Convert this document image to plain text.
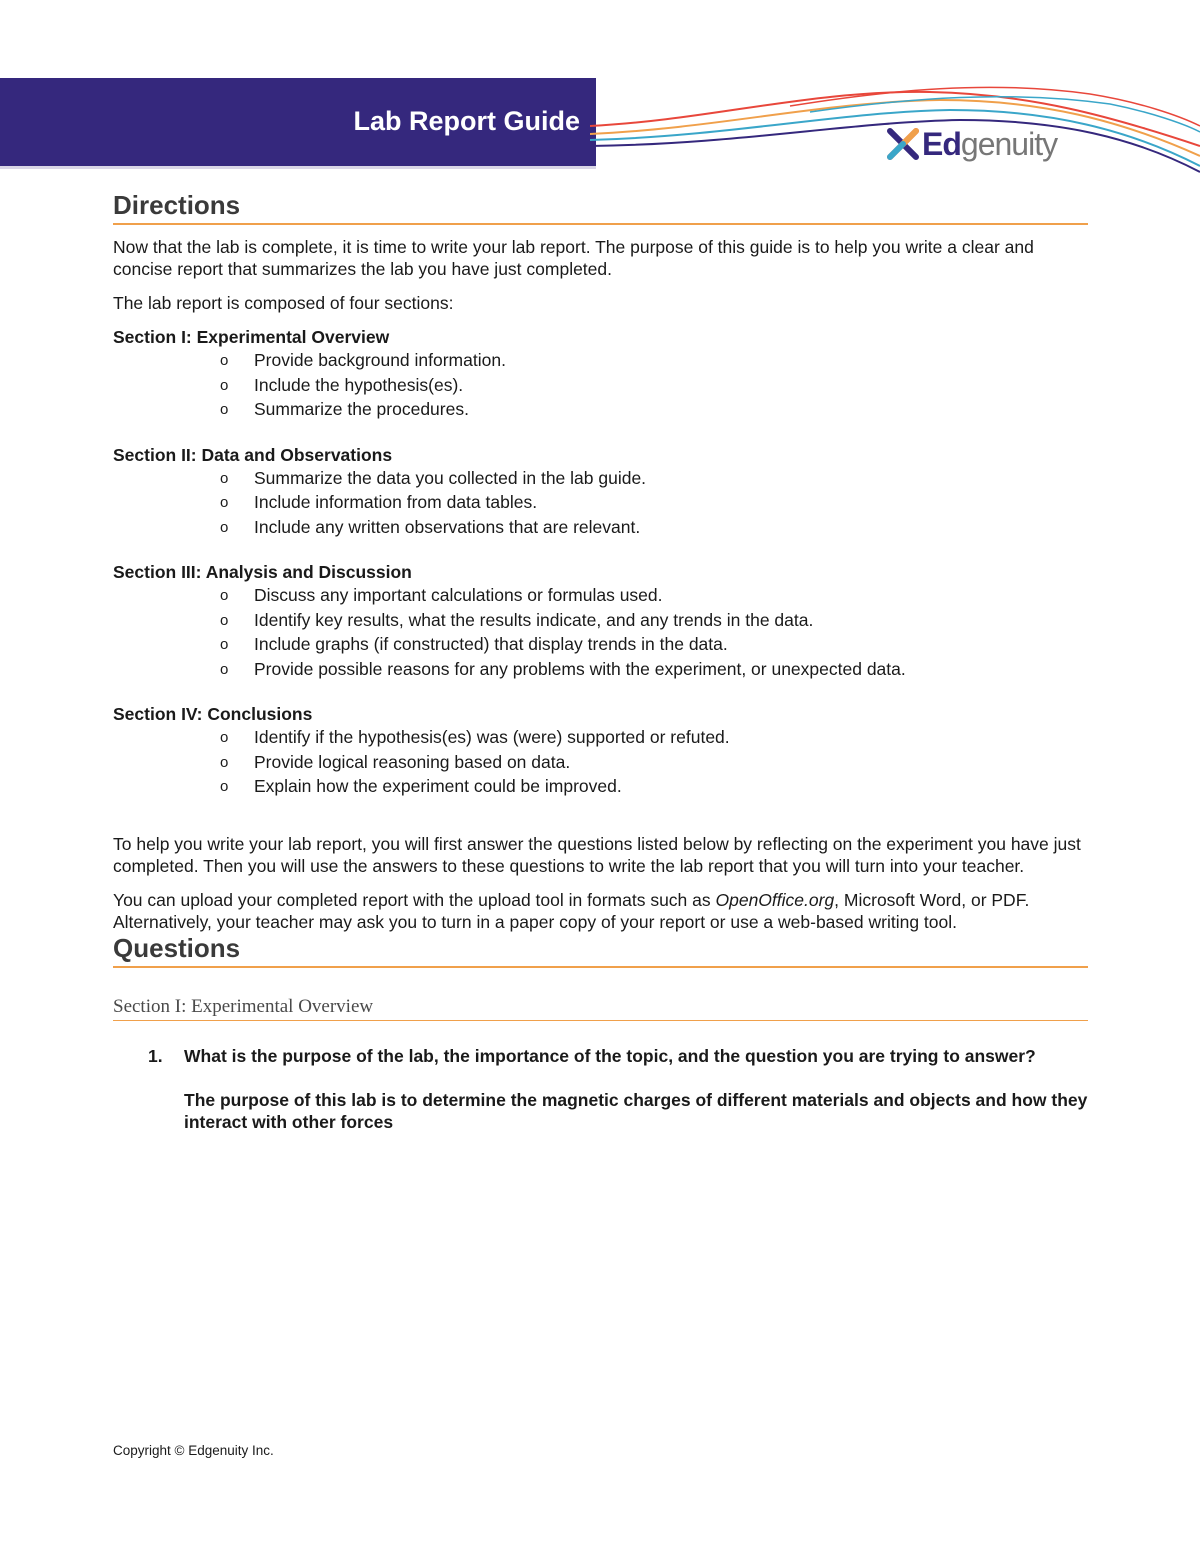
Lab Report Guide
Edgenuity
Directions

Now that the lab is complete, it is time to write your lab report. The purpose of this guide is to help you write a clear and concise report that summarizes the lab you have just completed.

The lab report is composed of four sections:

Section I: Experimental Overview
o Provide background information.
o Include the hypothesis(es).
o Summarize the procedures.
Section II: Data and Observations
o Summarize the data you collected in the lab guide.
o Include information from data tables.
o Include any written observations that are relevant.
Section III: Analysis and Discussion
o Discuss any important calculations or formulas used.
o Identify key results, what the results indicate, and any trends in the data.
o Include graphs (if constructed) that display trends in the data.
o Provide possible reasons for any problems with the experiment, or unexpected data.
Section IV: Conclusions
o Identify if the hypothesis(es) was (were) supported or refuted.
o Provide logical reasoning based on data.
o Explain how the experiment could be improved.

To help you write your lab report, you will first answer the questions listed below by reflecting on the experiment you have just completed. Then you will use the answers to these questions to write the lab report that you will turn into your teacher.

You can upload your completed report with the upload tool in formats such as OpenOffice.org, Microsoft Word, or PDF. Alternatively, your teacher may ask you to turn in a paper copy of your report or use a web-based writing tool.

Questions
Section I: Experimental Overview
1. What is the purpose of the lab, the importance of the topic, and the question you are trying to answer?
The purpose of this lab is to determine the magnetic charges of different materials and objects and how they interact with other forces
Copyright © Edgenuity Inc.
